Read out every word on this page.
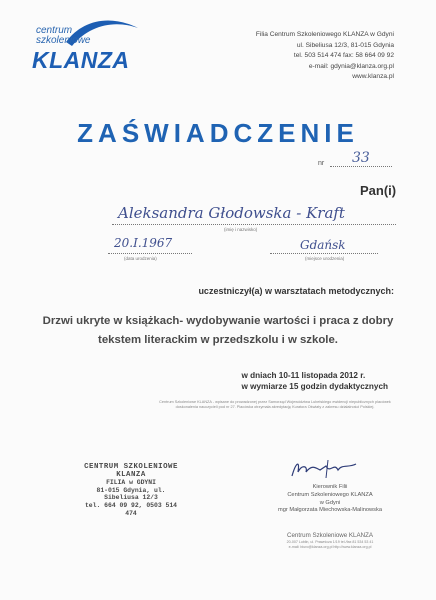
centrum
szkoleniowe
KLANZA
Filia Centrum Szkoleniowego KLANZA w Gdyni
ul. Sibeliusa 12/3, 81-015 Gdynia
tel. 503 514 474 fax: 58 664 09 92
e-mail: gdynia@klanza.org.pl
www.klanza.pl
ZAŚWIADCZENIE
nr 33
Pan(i)
Aleksandra Głodowska - Kraft
(imię i nazwisko)
20.I.1967
(data urodzenia)
Gdańsk
(miejsce urodzenia)
uczestniczył(a) w warsztatach metodycznych:
Drzwi ukryte w książkach- wydobywanie wartości i praca z dobry tekstem literackim w przedszkolu i w szkole.
w dniach 10-11 listopada 2012 r.
w wymiarze 15 godzin dydaktycznych
Centrum Szkoleniowe KLANZA - wpisane do prowadzonej przez Samorząd Województwa Lubelskiego ewidencji niepublicznych placówek doskonalenia nauczycieli pod nr 27. Placówka otrzymała akredytację Kuratora Oświaty z zakresu działalności Polskiej.
CENTRUM SZKOLENIOWE
KLANZA
FILIA w GDYNI
81-015 Gdynia, ul. Sibeliusa 12/3
tel. 664 09 92, 0503 514 474
Kierownik Filii
Centrum Szkoleniowego KLANZA
w Gdyni
mgr Małgorzata Miechowska-Malinowska
Centrum Szkoleniowe KLANZA
20-007 Lublin, ul. Prawnicza 1/19 tel./fax 81 534 53 41
e-mail: biuro@klanza.org.pl http://www.klanza.org.pl
